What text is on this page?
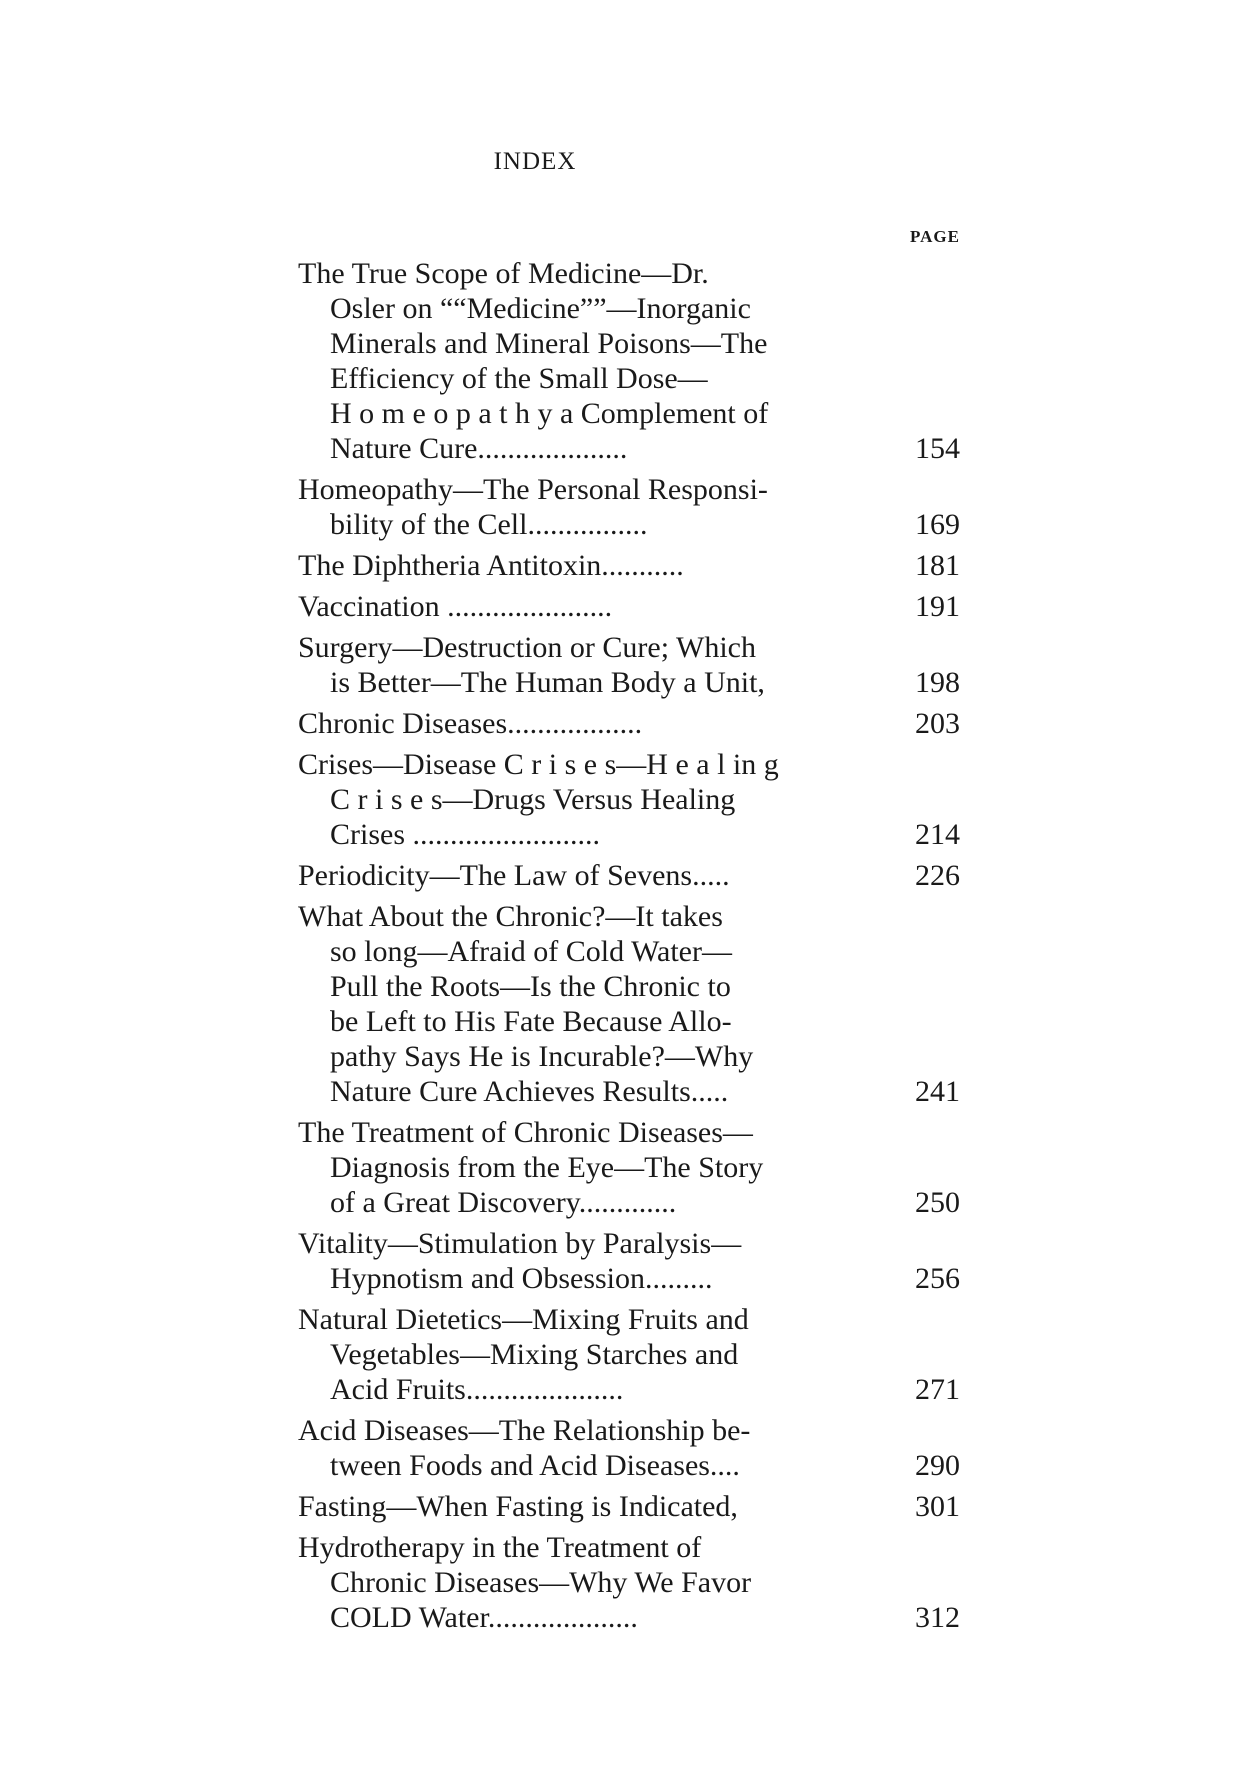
INDEX
PAGE
The True Scope of Medicine—Dr.
Osler on ““Medicine””—Inorganic
Minerals and Mineral Poisons—The
Efficiency of the Small Dose—
H o m e o p a t h y a Complement of
Nature Cure....................	154
Homeopathy—The Personal Responsi-
bility of the Cell................	169
The Diphtheria Antitoxin...........	181
Vaccination ......................	191
Surgery—Destruction or Cure; Which
is Better—The Human Body a Unit,	198
Chronic Diseases..................	203
Crises—Disease C r i s e s—H e a l in g
C r i s e s—Drugs Versus Healing
Crises .........................	214
Periodicity—The Law of Sevens.....	226
What About the Chronic?—It takes
so long—Afraid of Cold Water—
Pull the Roots—Is the Chronic to
be Left to His Fate Because Allo-
pathy Says He is Incurable?—Why
Nature Cure Achieves Results.....	241
The Treatment of Chronic Diseases—
Diagnosis from the Eye—The Story
of a Great Discovery.............	250
Vitality—Stimulation by Paralysis—
Hypnotism and Obsession.........	256
Natural Dietetics—Mixing Fruits and
Vegetables—Mixing Starches and
Acid Fruits.....................	271
Acid Diseases—The Relationship be-
tween Foods and Acid Diseases....	290
Fasting—When Fasting is Indicated,	301
Hydrotherapy in the Treatment of
Chronic Diseases—Why We Favor
COLD Water....................	312
